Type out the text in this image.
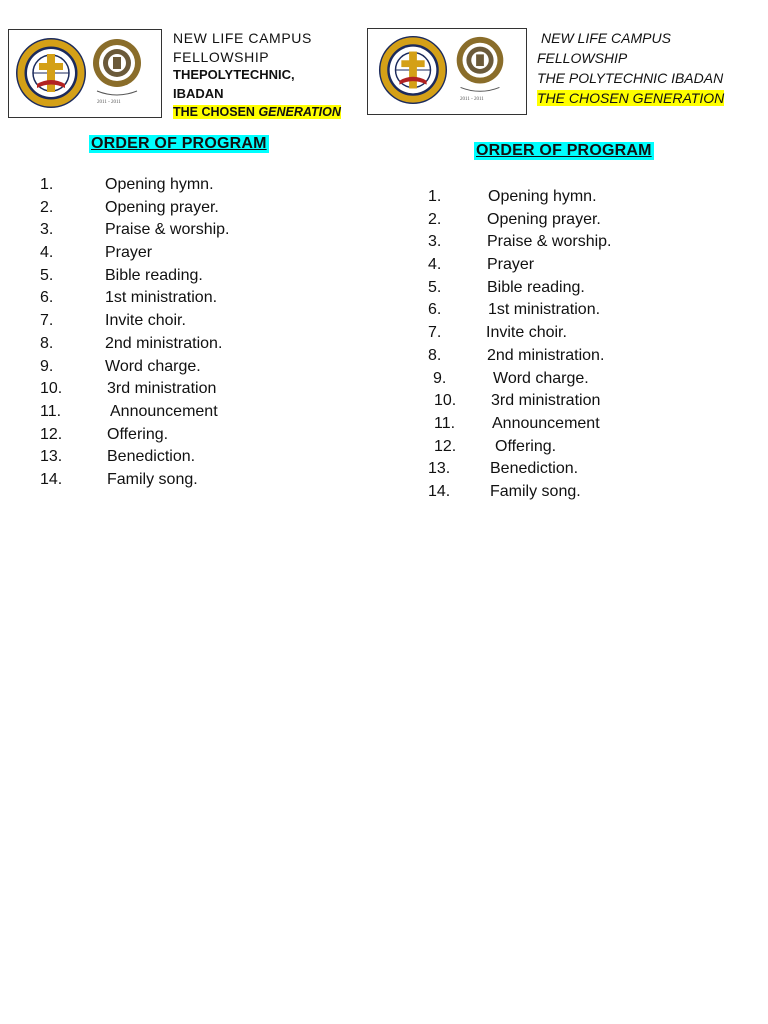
2011 - 2011
NEW LIFE CAMPUS
FELLOWSHIP
THEPOLYTECHNIC,
IBADAN
THE CHOSEN GENERATION
ORDER OF PROGRAM
1.	Opening hymn.
2.	Opening prayer.
3.	Praise & worship.
4.	Prayer
5.	Bible reading.
6.	1st ministration.
7.	Invite choir.
8.	2nd ministration.
9.	Word charge.
10.	3rd ministration
11.	Announcement
12.	Offering.
13.	Benediction.
14.	Family song.
2011 - 2011
NEW LIFE CAMPUS
FELLOWSHIP
THE POLYTECHNIC IBADAN
THE CHOSEN GENERATION
ORDER OF PROGRAM
1.	Opening hymn.
2.	Opening prayer.
3.	Praise & worship.
4.	Prayer
5.	Bible reading.
6.	1st ministration.
7.	Invite choir.
8.	2nd ministration.
9.	Word charge.
10. 3rd ministration
11. Announcement
12. Offering.
13. Benediction.
14. Family song.
